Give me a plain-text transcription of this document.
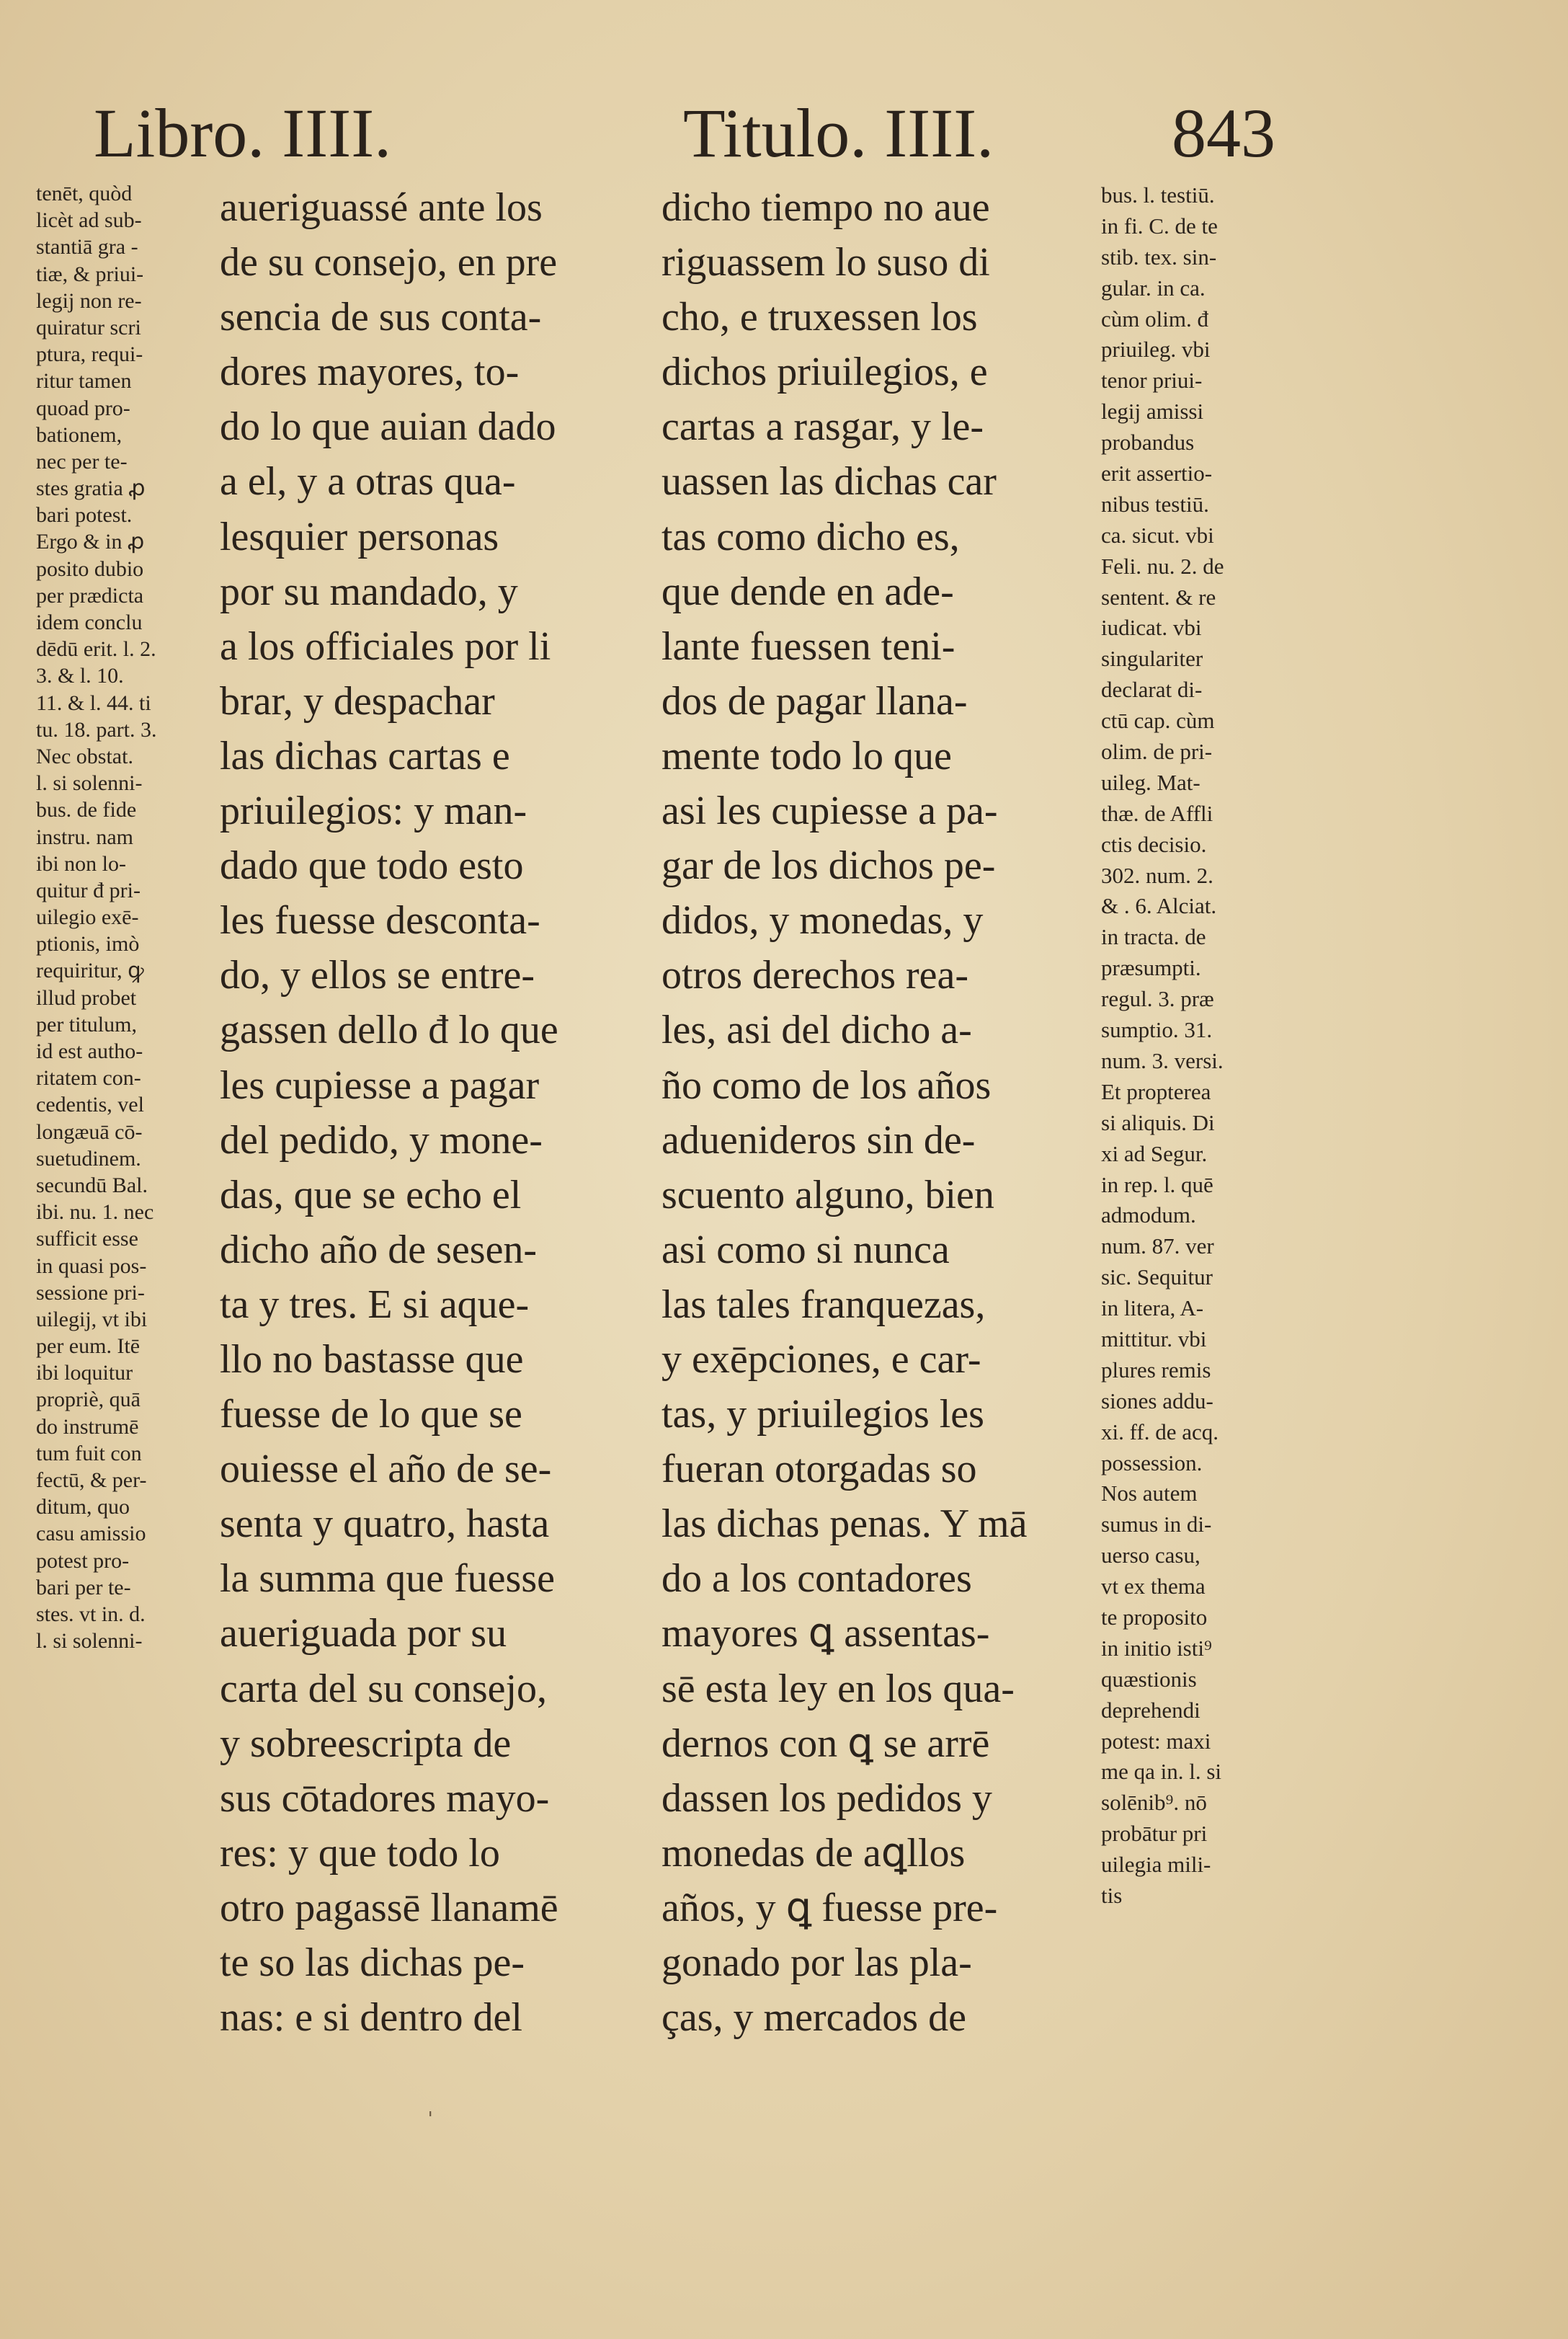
Libro. IIII.	Titulo. IIII.	843
tenēt, quòd
licèt ad sub-
stantiā gra -
tiæ, & priui-
legij non re-
quiratur scri
ptura, requi-
ritur tamen
quoad pro-
bationem,
nec per te-
stes gratia ꝓ
bari potest.
Ergo & in ꝓ
posito dubio
per prædicta
idem conclu
dēdū erit. l. 2.
3. & l. 10.
11. & l. 44. ti
tu. 18. part. 3.
Nec obstat.
l. si solenni-
bus. de fide
instru. nam
ibi non lo-
quitur đ pri-
uilegio exē-
ptionis, imò
requiritur, ꝙ
illud probet
per titulum,
id est autho-
ritatem con-
cedentis, vel
longæuā cō-
suetudinem.
secundū Bal.
ibi. nu. 1. nec
sufficit esse
in quasi pos-
sessione pri-
uilegij, vt ibi
per eum. Itē
ibi loquitur
propriè, quā
do instrumē
tum fuit con
fectū, & per-
ditum, quo
casu amissio
potest pro-
bari per te-
stes. vt in. d.
l. si solenni-
aueriguassé ante los
de su consejo, en pre
sencia de sus conta-
dores mayores, to-
do lo que auian dado
a el, y a otras qua-
lesquier personas
por su mandado, y
a los officiales por li
brar, y despachar
las dichas cartas e
priuilegios: y man-
dado que todo esto
les fuesse desconta-
do, y ellos se entre-
gassen dello đ lo que
les cupiesse a pagar
del pedido, y mone-
das, que se echo el
dicho año de sesen-
ta y tres. E si aque-
llo no bastasse que
fuesse de lo que se
ouiesse el año de se-
senta y quatro, hasta
la summa que fuesse
aueriguada por su
carta del su consejo,
y sobreescripta de
sus cōtadores mayo-
res: y que todo lo
otro pagassē llanamē
te so las dichas pe-
nas: e si dentro del
dicho tiempo no aue
riguassem lo suso di
cho, e truxessen los
dichos priuilegios, e
cartas a rasgar, y le-
uassen las dichas car
tas como dicho es,
que dende en ade-
lante fuessen teni-
dos de pagar llana-
mente todo lo que
asi les cupiesse a pa-
gar de los dichos pe-
didos, y monedas, y
otros derechos rea-
les, asi del dicho a-
ño como de los años
aduenideros sin de-
scuento alguno, bien
asi como si nunca
las tales franquezas,
y exēpciones, e car-
tas, y priuilegios les
fueran otorgadas so
las dichas penas. Y mā
do a los contadores
mayores ꝗ assentas-
sē esta ley en los qua-
dernos con ꝗ se arrē
dassen los pedidos y
monedas de aꝗllos
años, y ꝗ fuesse pre-
gonado por las pla-
ças, y mercados de
bus. l. testiū.
in fi. C. de te
stib. tex. sin-
gular. in ca.
cùm olim. đ
priuileg. vbi
tenor priui-
legij amissi
probandus
erit assertio-
nibus testiū.
ca. sicut. vbi
Feli. nu. 2. de
sentent. & re
iudicat. vbi
singulariter
declarat di-
ctū cap. cùm
olim. de pri-
uileg. Mat-
thæ. de Affli
ctis decisio.
302. num. 2.
& . 6. Alciat.
in tracta. de
præsumpti.
regul. 3. præ
sumptio. 31.
num. 3. versi.
Et propterea
si aliquis. Di
xi ad Segur.
in rep. l. quē
admodum.
num. 87. ver
sic. Sequitur
in litera, A-
mittitur. vbi
plures remis
siones addu-
xi. ff. de acq.
possession.
Nos autem
sumus in di-
uerso casu,
vt ex thema
te proposito
in initio isti⁹
quæstionis
deprehendi
potest: maxi
me qa in. l. si
solēnib⁹. nō
probātur pri
uilegia mili-
tis
ˈ
